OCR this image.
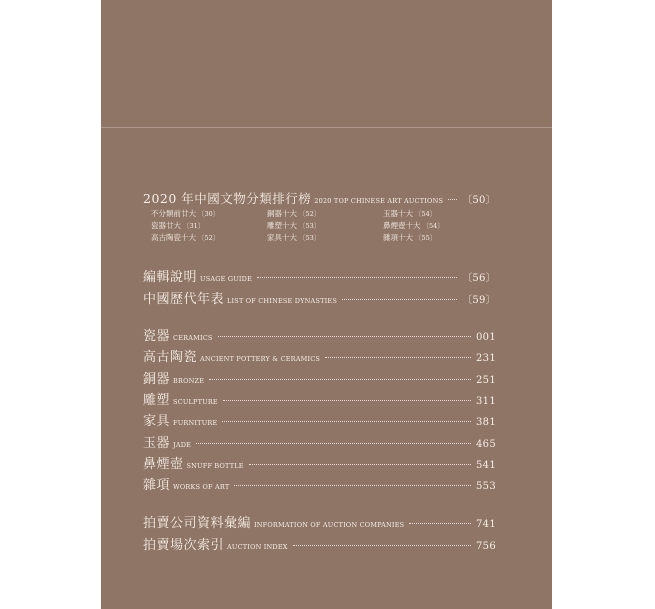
2020 年中國文物分類排行榜 2020 TOP CHINESE ART AUCTIONS 〔50〕
不分類前廿大 〔30〕	銅器十大 〔52〕	玉器十大 〔54〕
瓷器廿大 〔31〕	雕塑十大 〔53〕	鼻煙壺十大 〔54〕
高古陶瓷十大 〔52〕	家具十大 〔53〕	雜項十大 〔55〕
編輯說明 USAGE GUIDE	〔56〕
中國歷代年表 LIST OF CHINESE DYNASTIES	〔59〕
瓷器 CERAMICS	001
高古陶瓷 ANCIENT POTTERY & CERAMICS	231
銅器 BRONZE	251
雕塑 SCULPTURE	311
家具 FURNITURE	381
玉器 JADE	465
鼻煙壺 SNUFF BOTTLE	541
雜項 WORKS OF ART	553
拍賣公司資料彙編 INFORMATION OF AUCTION COMPANIES	741
拍賣場次索引 AUCTION INDEX	756
